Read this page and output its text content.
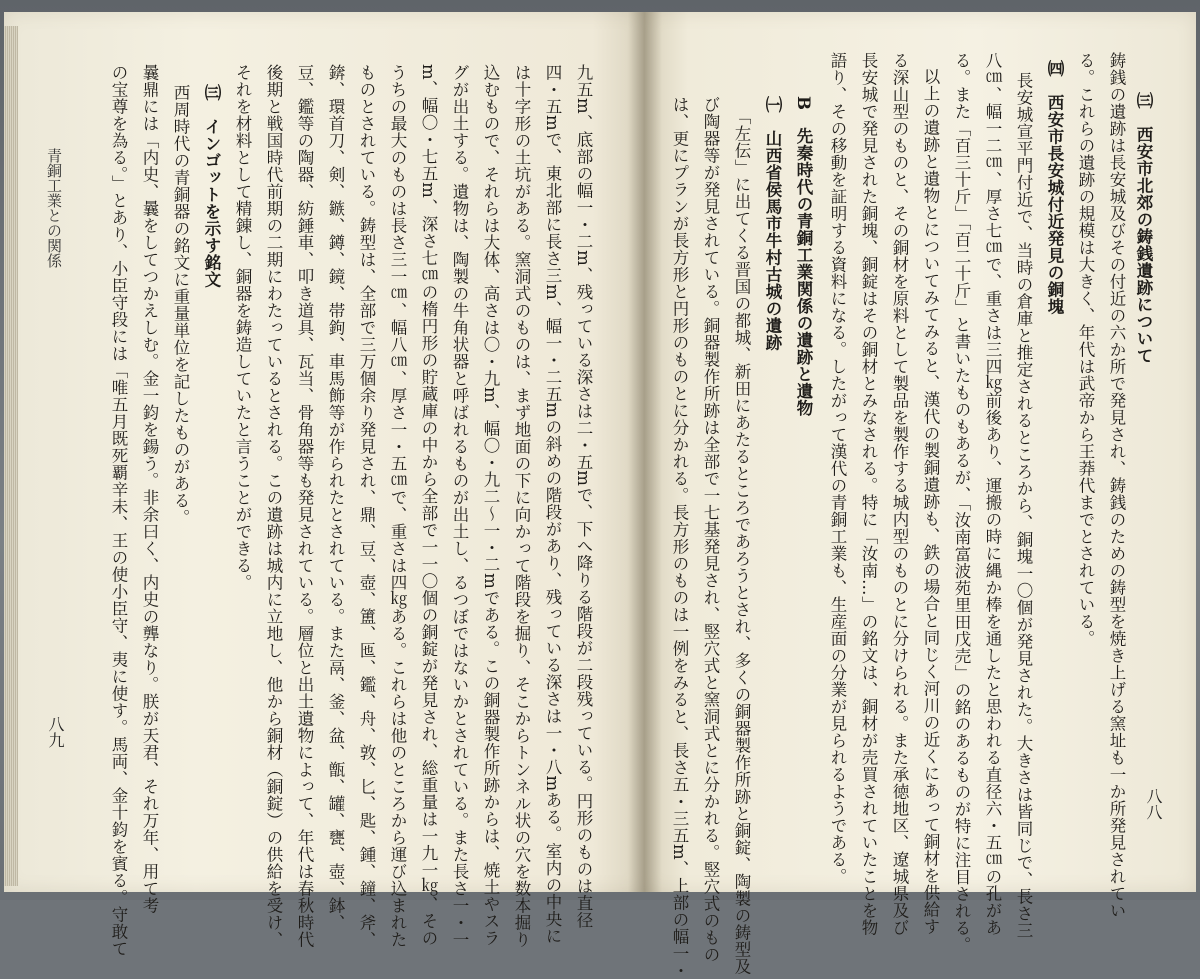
八八
㈢　西安市北郊の鋳銭遺跡について
鋳銭の遺跡は長安城及びその付近の六か所で発見され、鋳銭のための鋳型を焼き上げる窯址も一か所発見されてい
る。これらの遺跡の規模は大きく、年代は武帝から王莽代までとされている。
㈣　西安市長安城付近発見の銅塊
長安城宣平門付近で、当時の倉庫と推定されるところから、銅塊一〇個が発見された。大きさは皆同じで、長さ三
八㎝、幅一二㎝、厚さ七㎝で、重さは三四㎏前後あり、運搬の時に縄か棒を通したと思われる直径六・五㎝の孔があ
る。また「百三十斤」「百二十斤」と書いたものもあるが、「汝南富波苑里田戊売」の銘のあるものが特に注目される。
以上の遺跡と遺物とについてみてみると、漢代の製銅遺跡も、鉄の場合と同じく河川の近くにあって銅材を供給す
る深山型のものと、その銅材を原料として製品を製作する城内型のものとに分けられる。また承徳地区、遼城県及び
長安城で発見された銅塊、銅錠はその銅材とみなされる。特に「汝南…」の銘文は、銅材が売買されていたことを物
語り、その移動を証明する資料になる。したがって漢代の青銅工業も、生産面の分業が見られるようである。
B　先秦時代の青銅工業関係の遺跡と遺物
㈠　山西省侯馬市牛村古城の遺跡
「左伝」に出てくる晋国の都城、新田にあたるところであろうとされ、多くの銅器製作所跡と銅錠、陶製の鋳型及
び陶器等が発見されている。銅器製作所跡は全部で一七基発見され、竪穴式と窯洞式とに分かれる。竪穴式のもの
は、更にプランが長方形と円形のものとに分かれる。長方形のものは一例をみると、長さ五・三五m、上部の幅一・
九五m、底部の幅一・二m、残っている深さは二・五mで、下へ降りる階段が二段残っている。円形のものは直径
四・五mで、東北部に長さ三m、幅一・二五mの斜めの階段があり、残っている深さは一・八mある。室内の中央に
は十字形の土坑がある。窯洞式のものは、まず地面の下に向かって階段を掘り、そこからトンネル状の穴を数本掘り
込むもので、それらは大体、高さは〇・九m、幅〇・九二〜一・二mである。この銅器製作所跡からは、焼土やスラ
グが出土する。遺物は、陶製の牛角状器と呼ばれるものが出土し、るつぼではないかとされている。また長さ一・一
m、幅〇・七五m、深さ七㎝の楕円形の貯蔵庫の中から全部で一一〇個の銅錠が発見され、総重量は一九一㎏、その
うちの最大のものは長さ三一㎝、幅八㎝、厚さ一・五㎝で、重さは四㎏ある。これらは他のところから運び込まれた
ものとされている。鋳型は、全部で三万個余り発見され、鼎、豆、壺、簠、匜、鑑、舟、敦、匕、匙、鍾、鐘、斧、
錛、環首刀、剣、鏃、鐏、鏡、帯鉤、車馬飾等が作られたとされている。また鬲、釜、盆、甑、罐、甕、壺、鉢、
豆、鑑等の陶器、紡錘車、叩き道具、瓦当、骨角器等も発見されている。層位と出土遺物によって、年代は春秋時代
後期と戦国時代前期の二期にわたっているとされる。この遺跡は城内に立地し、他から銅材（銅錠）の供給を受け、
それを材料として精錬し、銅器を鋳造していたと言うことができる。
㈢　インゴットを示す銘文
西周時代の青銅器の銘文に重量単位を記したものがある。
曩鼎には「内史、曩をしてつかえしむ。金一鈞を鍚う。非余曰く、内史の龏なり。朕が天君、それ万年、用て考
の宝尊を為る。」とあり、小臣守段には「唯五月既死覇辛未、王の使小臣守、夷に使す。馬両、金十鈞を賓る。守敢て
青銅工業との関係
八九
